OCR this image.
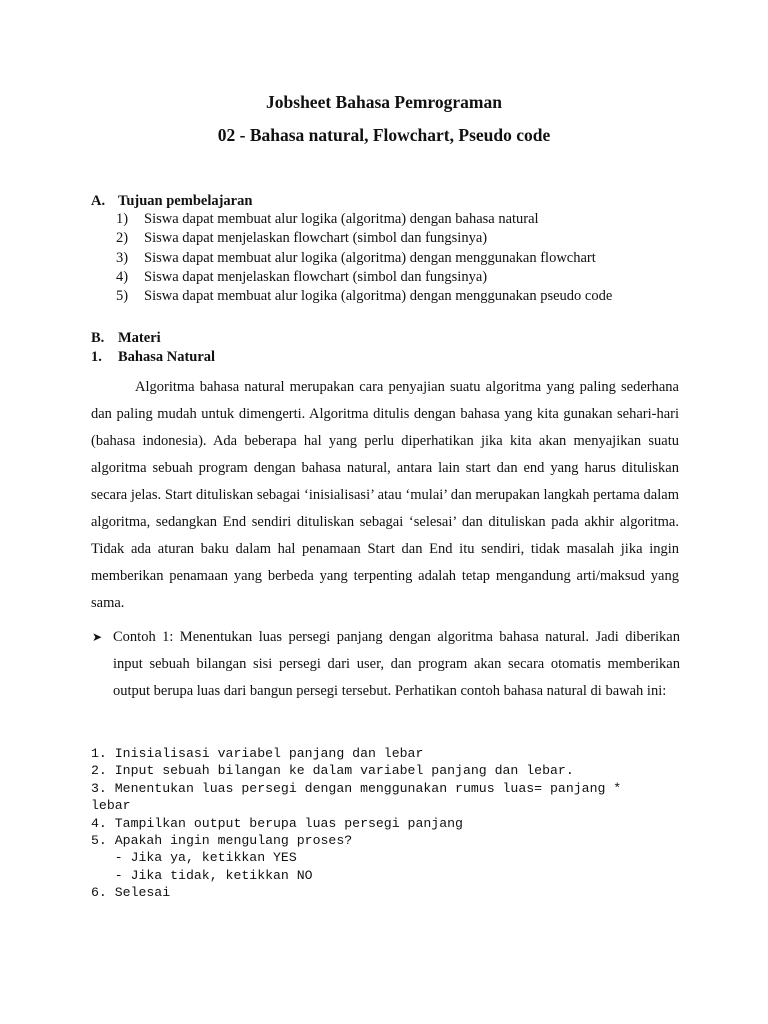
Jobsheet Bahasa Pemrograman
02 - Bahasa natural, Flowchart, Pseudo code
A. Tujuan pembelajaran
1) Siswa dapat membuat alur logika (algoritma) dengan bahasa natural
2) Siswa dapat menjelaskan flowchart (simbol dan fungsinya)
3) Siswa dapat membuat alur logika (algoritma) dengan menggunakan flowchart
4) Siswa dapat menjelaskan flowchart (simbol dan fungsinya)
5) Siswa dapat membuat alur logika (algoritma) dengan menggunakan pseudo code
B. Materi
1. Bahasa Natural

Algoritma bahasa natural merupakan cara penyajian suatu algoritma yang paling sederhana dan paling mudah untuk dimengerti. Algoritma ditulis dengan bahasa yang kita gunakan sehari-hari (bahasa indonesia). Ada beberapa hal yang perlu diperhatikan jika kita akan menyajikan suatu algoritma sebuah program dengan bahasa natural, antara lain start dan end yang harus dituliskan secara jelas. Start dituliskan sebagai ‘inisialisasi’ atau ‘mulai’ dan merupakan langkah pertama dalam algoritma, sedangkan End sendiri dituliskan sebagai ‘selesai’ dan dituliskan pada akhir algoritma. Tidak ada aturan baku dalam hal penamaan Start dan End itu sendiri, tidak masalah jika ingin memberikan penamaan yang berbeda yang terpenting adalah tetap mengandung arti/maksud yang sama.

➤ Contoh 1: Menentukan luas persegi panjang dengan algoritma bahasa natural. Jadi diberikan input sebuah bilangan sisi persegi dari user, dan program akan secara otomatis memberikan output berupa luas dari bangun persegi tersebut. Perhatikan contoh bahasa natural di bawah ini:
1. Inisialisasi variabel panjang dan lebar
2. Input sebuah bilangan ke dalam variabel panjang dan lebar.
3. Menentukan luas persegi dengan menggunakan rumus luas= panjang *
lebar
4. Tampilkan output berupa luas persegi panjang
5. Apakah ingin mengulang proses?
- Jika ya, ketikkan YES
- Jika tidak, ketikkan NO
6. Selesai
